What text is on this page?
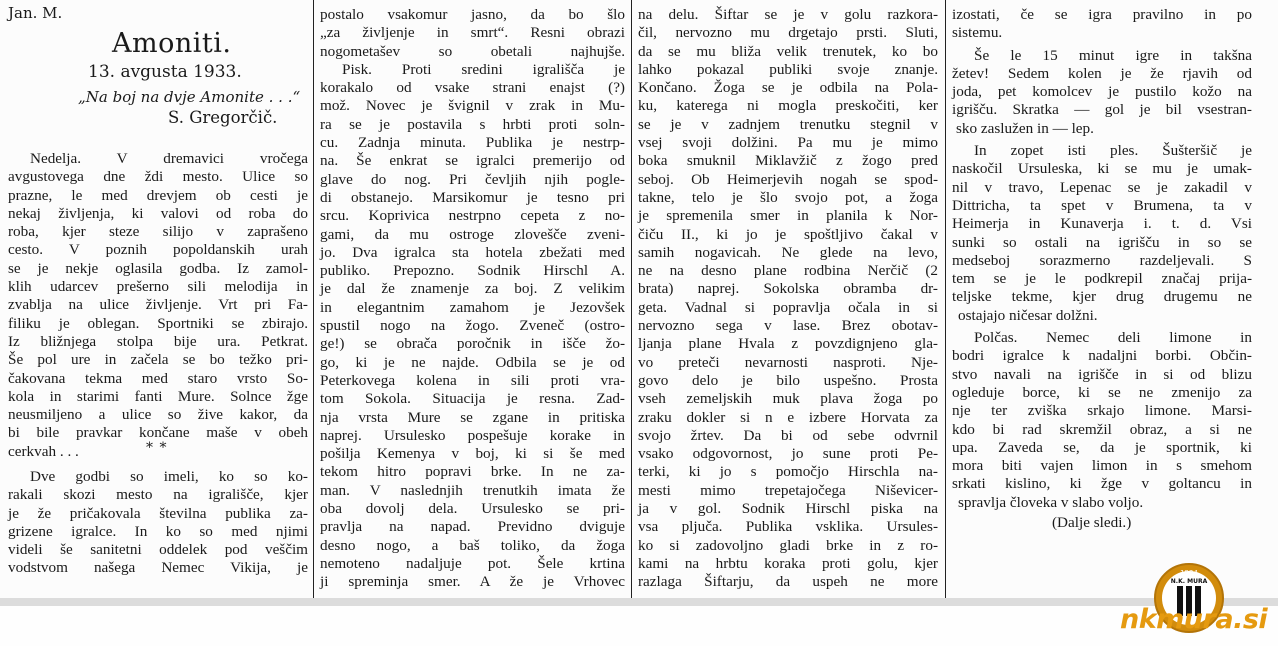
Jan. M.
Amoniti.
13. avgusta 1933.
„Na boj na dvje Amonite . . .“
S. Gregorčič.
Nedelja. V dremavici vročega
avgustovega dne ždi mesto. Ulice so
prazne, le med drevjem ob cesti je
nekaj življenja, ki valovi od roba do
roba, kjer steze silijo v zaprašeno
cesto. V poznih popoldanskih urah
se je nekje oglasila godba. Iz zamol-
klih udarcev prešerno sili melodija in
zvablja na ulice življenje. Vrt pri Fa-
filiku je oblegan. Sportniki se zbirajo.
Iz bližnjega stolpa bije ura. Petkrat.
Še pol ure in začela se bo težko pri-
čakovana tekma med staro vrsto So-
kola in starimi fanti Mure. Solnce žge
neusmiljeno a ulice so žive kakor, da
bi bile pravkar končane maše v obeh
cerkvah . . .	* *
Dve godbi so imeli, ko so ko-
rakali skozi mesto na igrališče, kjer
je že pričakovala številna publika za-
grizene igralce. In ko so med njimi
videli še sanitetni oddelek pod veščim
vodstvom našega Nemec Vikija, je
postalo vsakomur jasno, da bo šlo
„za življenje in smrt“. Resni obrazi
nogometašev so obetali najhujše.
Pisk. Proti sredini igrališča je
korakalo od vsake strani enajst (?)
mož. Novec je švignil v zrak in Mu-
ra se je postavila s hrbti proti soln-
cu. Zadnja minuta. Publika je nestrp-
na. Še enkrat se igralci premerijo od
glave do nog. Pri čevljih njih pogle-
di obstanejo. Marsikomur je tesno pri
srcu. Koprivica nestrpno cepeta z no-
gami, da mu ostroge zlovešče zveni-
jo. Dva igralca sta hotela zbežati med
publiko. Prepozno. Sodnik Hirschl A.
je dal že znamenje za boj. Z velikim
in elegantnim zamahom je Jezovšek
spustil nogo na žogo. Zveneč (ostro-
ge!) se obrača poročnik in išče žo-
go, ki je ne najde. Odbila se je od
Peterkovega kolena in sili proti vra-
tom Sokola. Situacija je resna. Zad-
nja vrsta Mure se zgane in pritiska
naprej. Ursulesko pospešuje korake in
pošilja Kemenya v boj, ki si še med
tekom hitro popravi brke. In ne za-
man. V naslednjih trenutkih imata že
oba dovolj dela. Ursulesko se pri-
pravlja na napad. Previdno dviguje
desno nogo, a baš toliko, da žoga
nemoteno nadaljuje pot. Šele krtina
ji spreminja smer. A že je Vrhovec
na delu. Šiftar se je v golu razkora-
čil, nervozno mu drgetajo prsti. Sluti,
da se mu bliža velik trenutek, ko bo
lahko pokazal publiki svoje znanje.
Končano. Žoga se je odbila na Pola-
ku, katerega ni mogla preskočiti, ker
se je v zadnjem trenutku stegnil v
vsej svoji dolžini. Pa mu je mimo
boka smuknil Miklavžič z žogo pred
seboj. Ob Heimerjevih nogah se spod-
takne, telo je šlo svojo pot, a žoga
je spremenila smer in planila k Nor-
čiču II., ki jo je spoštljivo čakal v
samih nogavicah. Ne glede na levo,
ne na desno plane rodbina Nerčič (2
brata) naprej. Sokolska obramba dr-
geta. Vadnal si popravlja očala in si
nervozno sega v lase. Brez obotav-
ljanja plane Hvala z povzdignjeno gla-
vo preteči nevarnosti nasproti. Nje-
govo delo je bilo uspešno. Prosta
vseh zemeljskih muk plava žoga po
zraku dokler si n e izbere Horvata za
svojo žrtev. Da bi od sebe odvrnil
vsako odgovornost, jo sune proti Pe-
terki, ki jo s pomočjo Hirschla na-
mesti mimo trepetajočega Niševicer-
ja v gol. Sodnik Hirschl piska na
vsa pljuča. Publika vsklika. Ursules-
ko si zadovoljno gladi brke in z ro-
kami na hrbtu koraka proti golu, kjer
razlaga Šiftarju, da uspeh ne more
izostati, če se igra pravilno in po
sistemu.
Še le 15 minut igre in takšna
žetev! Sedem kolen je že rjavih od
joda, pet komolcev je pustilo kožo na
igrišču. Skratka — gol je bil vsestran-
sko zaslužen in — lep.
In zopet isti ples. Šušteršič je
naskočil Ursuleska, ki se mu je umak-
nil v travo, Lepenac se je zakadil v
Dittricha, ta spet v Brumena, ta v
Heimerja in Kunaverja i. t. d. Vsi
sunki so ostali na igrišču in so se
medseboj sorazmerno razdeljevali. S
tem se je le podkrepil značaj prija-
teljske tekme, kjer drug drugemu ne
ostajajo ničesar dolžni.
Polčas. Nemec deli limone in
bodri igralce k nadaljni borbi. Občin-
stvo navali na igrišče in si od blizu
ogleduje borce, ki se ne zmenijo za
nje ter zviška srkajo limone. Marsi-
kdo bi rad skremžil obraz, a si ne
upa. Zaveda se, da je sportnik, ki
mora biti vajen limon in s smehom
srkati kislino, ki žge v goltancu in
spravlja človeka v slabo voljo.
(Dalje sledi.)
1924
N.K. MURA
nkmura.si
